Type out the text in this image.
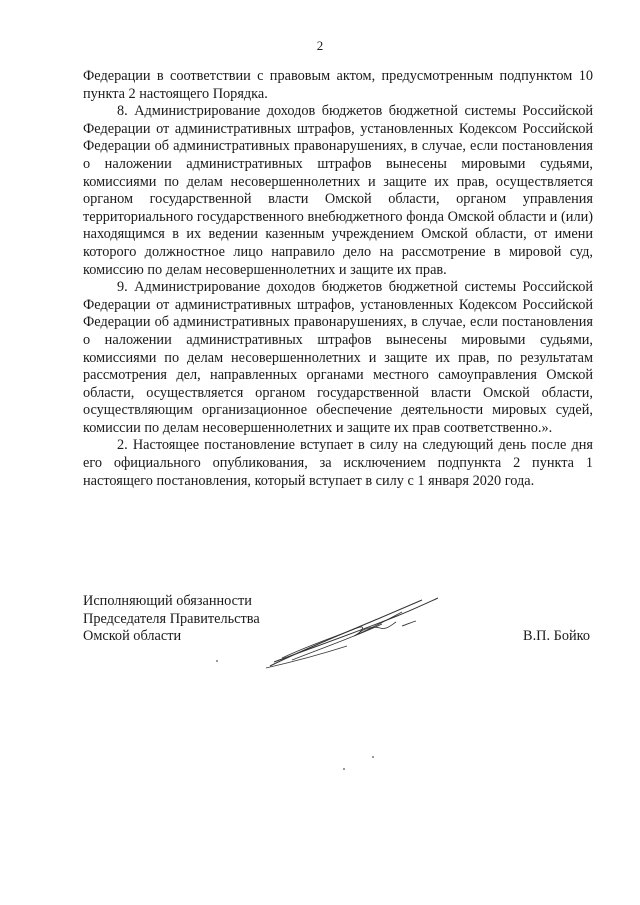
2

Федерации в соответствии с правовым актом, предусмотренным подпунктом 10 пункта 2 настоящего Порядка.

8. Администрирование доходов бюджетов бюджетной системы Российской Федерации от административных штрафов, установленных Кодексом Российской Федерации об административных правонарушениях, в случае, если постановления о наложении административных штрафов вынесены мировыми судьями, комиссиями по делам несовершеннолетних и защите их прав, осуществляется органом государственной власти Омской области, органом управления территориального государственного внебюджетного фонда Омской области и (или) находящимся в их ведении казенным учреждением Омской области, от имени которого должностное лицо направило дело на рассмотрение в мировой суд, комиссию по делам несовершеннолетних и защите их прав.

9. Администрирование доходов бюджетов бюджетной системы Российской Федерации от административных штрафов, установленных Кодексом Российской Федерации об административных правонарушениях, в случае, если постановления о наложении административных штрафов вынесены мировыми судьями, комиссиями по делам несовершеннолетних и защите их прав, по результатам рассмотрения дел, направленных органами местного самоуправления Омской области, осуществляется органом государственной власти Омской области, осуществляющим организационное обеспечение деятельности мировых судей, комиссии по делам несовершеннолетних и защите их прав соответственно.».

2. Настоящее постановление вступает в силу на следующий день после дня его официального опубликования, за исключением подпункта 2 пункта 1 настоящего постановления, который вступает в силу с 1 января 2020 года.

Исполняющий обязанности
Председателя Правительства
Омской области	В.П. Бойко
